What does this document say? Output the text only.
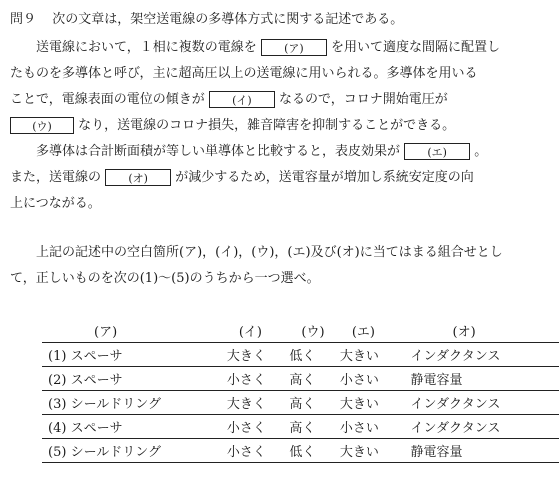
問９ 次の文章は，架空送電線の多導体方式に関する記述である。
送電線において，１相に複数の電線を (ア) を用いて適度な間隔に配置し
たものを多導体と呼び，主に超高圧以上の送電線に用いられる。多導体を用いる
ことで，電線表面の電位の傾きが (イ) なるので，コロナ開始電圧が
(ウ) なり，送電線のコロナ損失，雑音障害を抑制することができる。
多導体は合計断面積が等しい単導体と比較すると，表皮効果が (エ) 。
また，送電線の (オ) が減少するため，送電容量が増加し系統安定度の向
上につながる。
上記の記述中の空白箇所(ア)，(イ)，(ウ)，(エ)及び(オ)に当てはまる組合せとし
て，正しいものを次の(1)～(5)のうちから一つ選べ。
(ア)	(イ)	(ウ)	(エ)	(オ)
(1) スペーサ	大きく	低く	大きい	インダクタンス
(2) スペーサ	小さく	高く	小さい	静電容量
(3) シールドリング	大きく	高く	大きい	インダクタンス
(4) スペーサ	小さく	高く	小さい	インダクタンス
(5) シールドリング	小さく	低く	大きい	静電容量
